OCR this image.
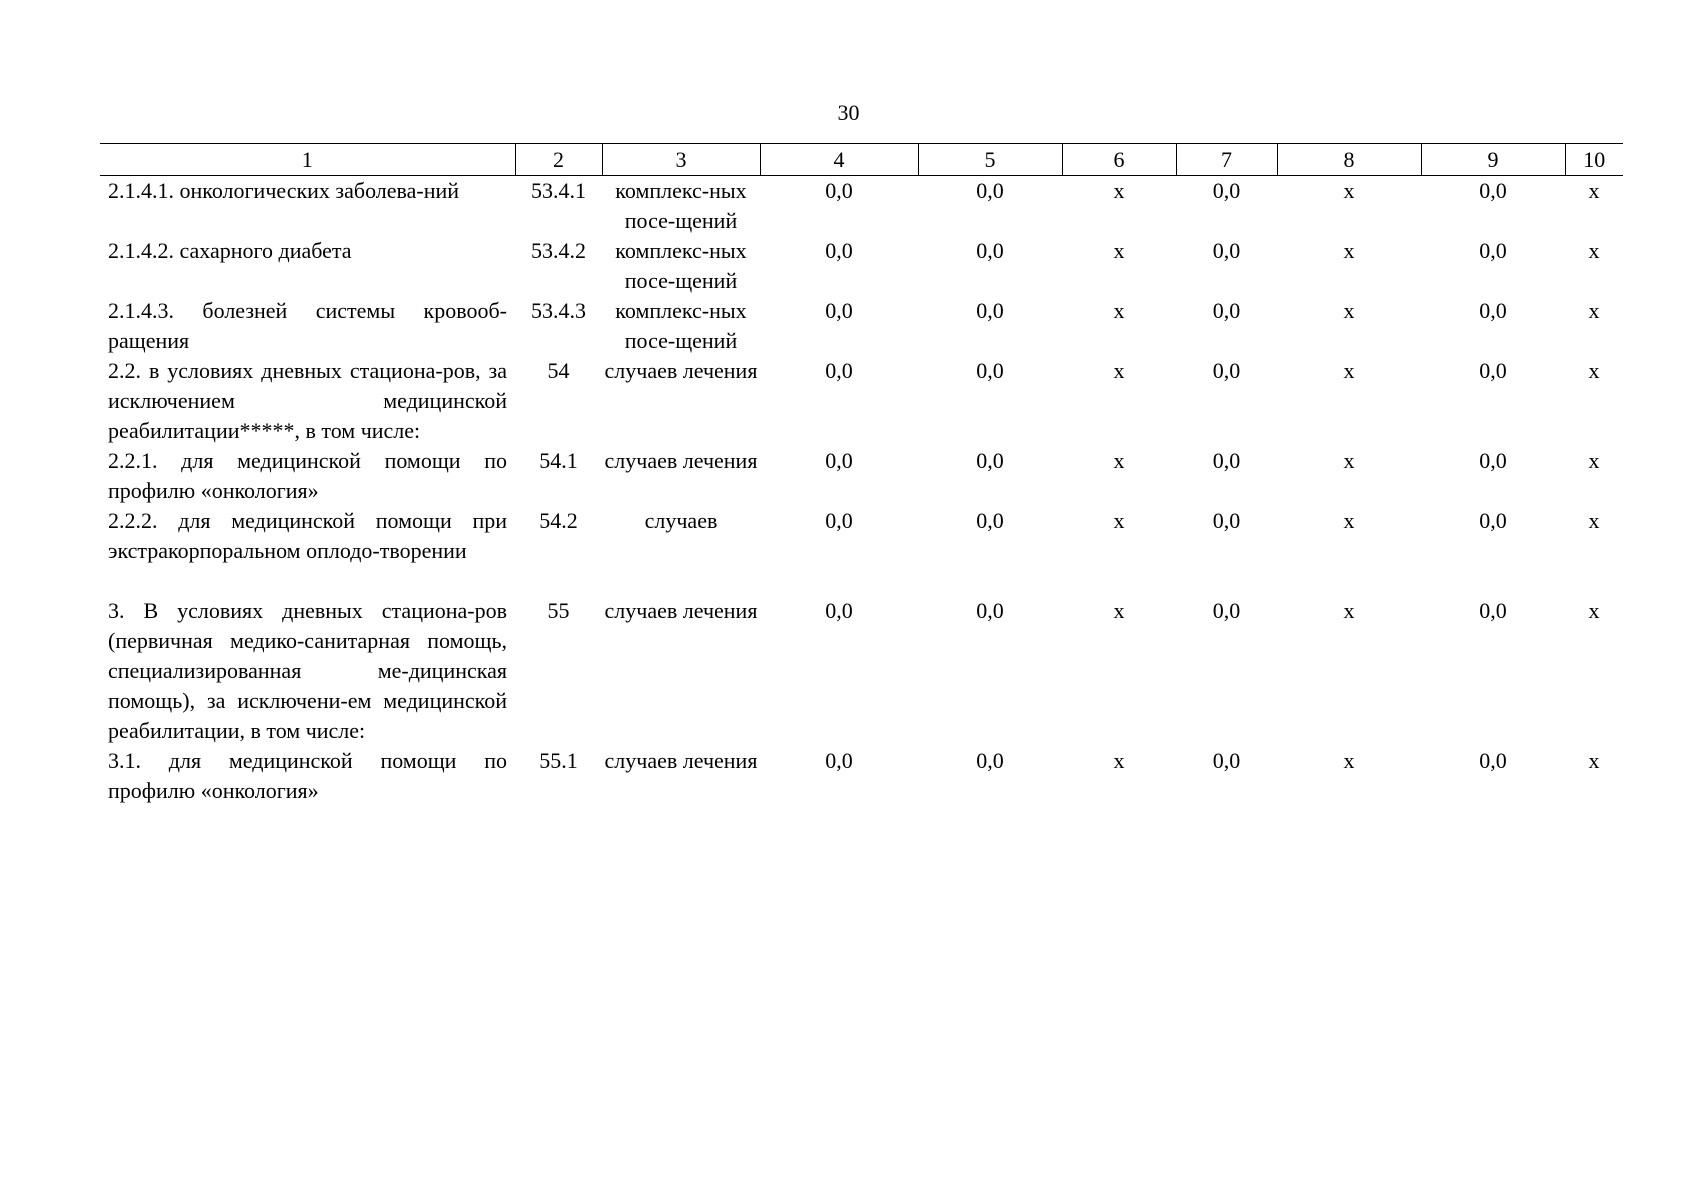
30
1	2	3	4	5	6	7	8	9	10
2.1.4.1. онкологических заболева-ний	53.4.1	комплекс-ных посе-щений	0,0	0,0	х	0,0	х	0,0	х
2.1.4.2. сахарного диабета	53.4.2	комплекс-ных посе-щений	0,0	0,0	х	0,0	х	0,0	х
2.1.4.3. болезней системы кровооб-ращения	53.4.3	комплекс-ных посе-щений	0,0	0,0	х	0,0	х	0,0	х
2.2. в условиях дневных стациона-ров, за исключением медицинской реабилитации*****, в том числе:	54	случаев лечения	0,0	0,0	х	0,0	х	0,0	х
2.2.1. для медицинской помощи по профилю «онкология»	54.1	случаев лечения	0,0	0,0	х	0,0	х	0,0	х
2.2.2. для медицинской помощи при экстракорпоральном оплодо-творении	54.2	случаев	0,0	0,0	х	0,0	х	0,0	х

3. В условиях дневных стациона-ров (первичная медико-санитарная помощь, специализированная ме-дицинская помощь), за исключени-ем медицинской реабилитации, в том числе:	55	случаев лечения	0,0	0,0	х	0,0	х	0,0	х
3.1. для медицинской помощи по профилю «онкология»	55.1	случаев лечения	0,0	0,0	х	0,0	х	0,0	х
